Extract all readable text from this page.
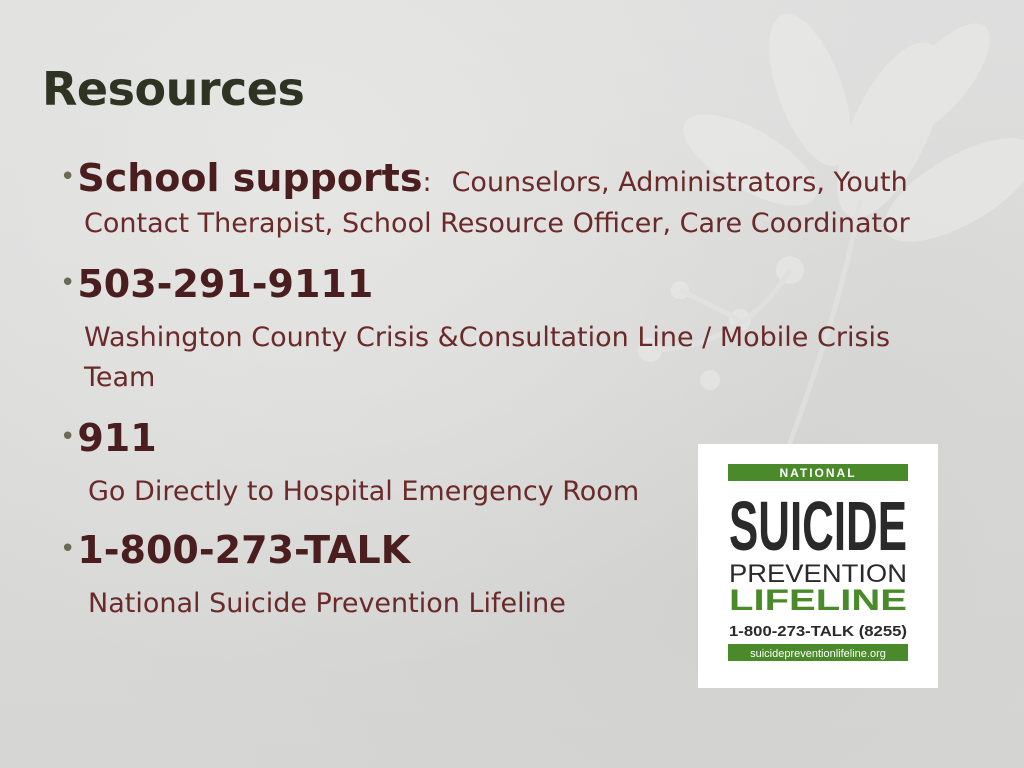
Resources
•School supports: Counselors, Administrators, Youth
Contact Therapist, School Resource Officer, Care Coordinator
•503-291-9111
Washington County Crisis &Consultation Line / Mobile Crisis
Team
•911
Go Directly to Hospital Emergency Room
•1-800-273-TALK
National Suicide Prevention Lifeline
NATIONAL
SUICIDE
PREVENTION
LIFELINE
1-800-273-TALK (8255)
suicidepreventionlifeline.org
